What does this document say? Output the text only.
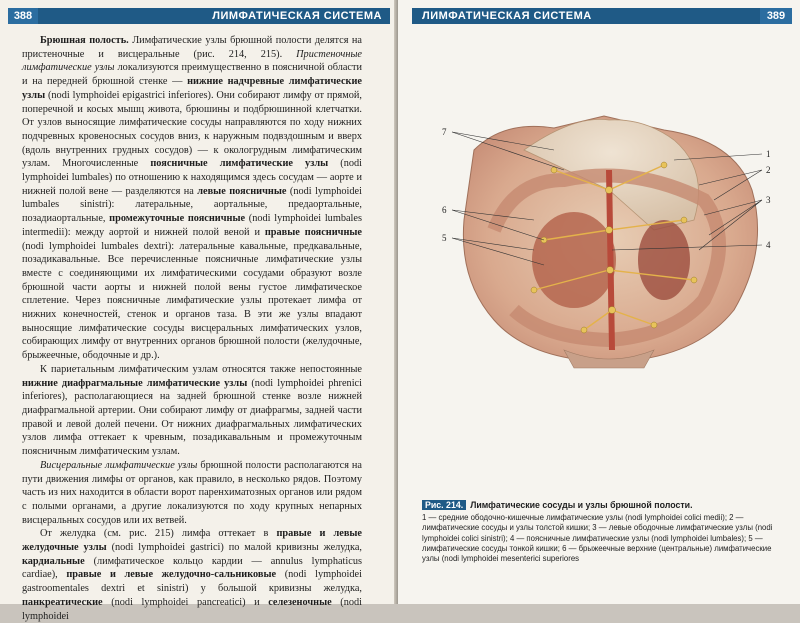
388	ЛИМФАТИЧЕСКАЯ СИСТЕМА

Брюшная полость. Лимфатические узлы брюшной полости делятся на пристеночные и висцеральные (рис. 214, 215). Пристеночные лимфатические узлы локализуются преимущественно в поясничной области и на передней брюшной стенке — нижние надчревные лимфатические узлы (nodi lymphoidei epigastrici inferiores). Они собирают лимфу от прямой, поперечной и косых мышц живота, брюшины и подбрюшинной клетчатки. От узлов выносящие лимфатические сосуды направляются по ходу нижних подчревных кровеносных сосудов вниз, к наружным подвздошным и вверх (вдоль внутренних грудных сосудов) — к окологрудным лимфатическим узлам. Многочисленные поясничные лимфатические узлы (nodi lymphoidei lumbales) по отношению к находящимся здесь сосудам — аорте и нижней полой вене — разделяются на левые поясничные (nodi lymphoidei lumbales sinistri): латеральные, аортальные, предаортальные, позадиаортальные, промежуточные поясничные (nodi lymphoidei lumbales intermedii): между аортой и нижней полой веной и правые поясничные (nodi lymphoidei lumbales dextri): латеральные кавальные, предкавальные, позадикавальные. Все перечисленные поясничные лимфатические узлы вместе с соединяющими их лимфатическими сосудами образуют возле брюшной части аорты и нижней полой вены густое лимфатическое сплетение. Через поясничные лимфатические узлы протекает лимфа от нижних конечностей, стенок и органов таза. В эти же узлы впадают выносящие лимфатические сосуды висцеральных лимфатических узлов, собирающих лимфу от внутренних органов брюшной полости (желудочные, брыжеечные, ободочные и др.).

К париетальным лимфатическим узлам относятся также непостоянные нижние диафрагмальные лимфатические узлы (nodi lymphoidei phrenici inferiores), располагающиеся на задней брюшной стенке возле нижней диафрагмальной артерии. Они собирают лимфу от диафрагмы, задней части правой и левой долей печени. От нижних диафрагмальных лимфатических узлов лимфа оттекает к чревным, позадикавальным и промежуточным поясничным лимфатическим узлам.

Висцеральные лимфатические узлы брюшной полости располагаются на пути движения лимфы от органов, как правило, в несколько рядов. Поэтому часть из них находится в области ворот паренхиматозных органов или рядом с полыми органами, а другие локализуются по ходу крупных непарных висцеральных сосудов или их ветвей.

От желудка (см. рис. 215) лимфа оттекает в правые и левые желудочные узлы (nodi lymphoidei gastrici) по малой кривизны желудка, кардиальные (лимфатическое кольцо кардии — annulus lymphaticus cardiae), правые и левые желудочно-сальниковые (nodi lymphoidei gastroomentales dextri et sinistri) у большой кривизны желудка, панкреатические (nodi lymphoidei pancreatici) и селезеночные (nodi lymphoidei

ЛИМФАТИЧЕСКАЯ СИСТЕМА	389
7
1
2
3
6
5
4
Рис. 214. Лимфатические сосуды и узлы брюшной полости.
1 — средние ободочно-кишечные лимфатические узлы (nodi lymphoidei colici medii); 2 — лимфатические сосуды и узлы толстой кишки; 3 — левые ободочные лимфатические узлы (nodi lymphoidei colici sinistri); 4 — поясничные лимфатические узлы (nodi lymphoidei lumbales); 5 — лимфатические сосуды тонкой кишки; 6 — брыжеечные верхние (центральные) лимфатические узлы (nodi lymphoidei mesenterici superiores
